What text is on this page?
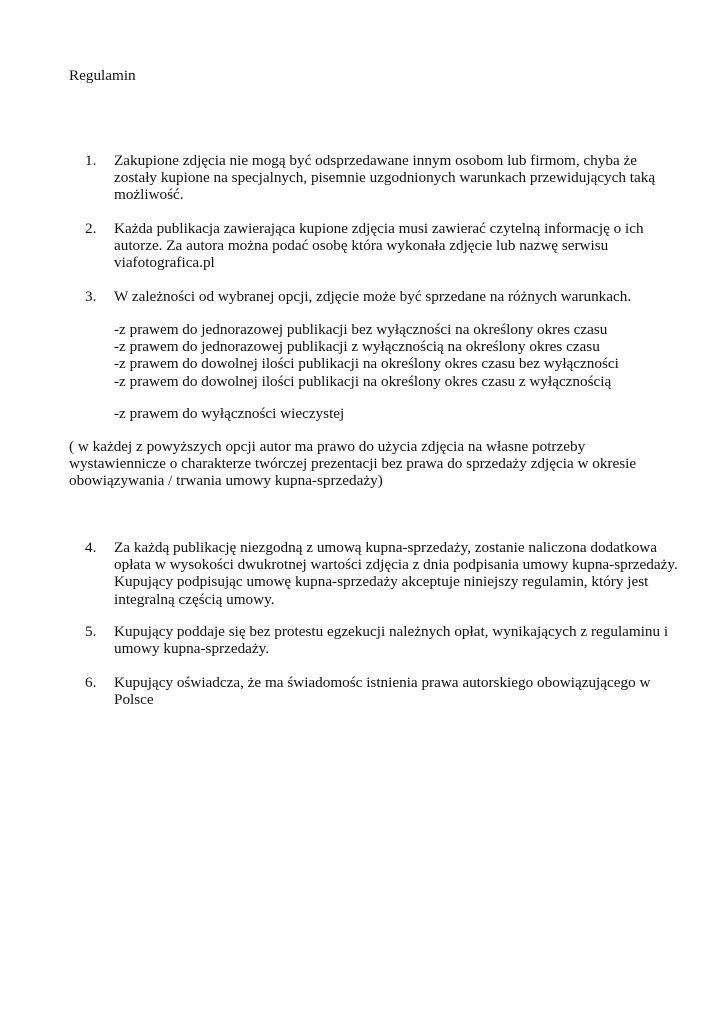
Regulamin
1.	Zakupione zdjęcia nie mogą być odsprzedawane innym osobom lub firmom, chyba że
zostały kupione na specjalnych, pisemnie uzgodnionych warunkach przewidujących taką
możliwość.
2.	Każda publikacja zawierająca kupione zdjęcia musi zawierać czytelną informację o ich
autorze. Za autora można podać osobę która wykonała zdjęcie lub nazwę serwisu
viafotografica.pl
3.	W zależności od wybranej opcji, zdjęcie może być sprzedane na różnych warunkach.
-z prawem do jednorazowej publikacji bez wyłączności na określony okres czasu
-z prawem do jednorazowej publikacji z wyłącznością na określony okres czasu
-z prawem do dowolnej ilości publikacji na określony okres czasu bez wyłączności
-z prawem do dowolnej ilości publikacji na określony okres czasu z wyłącznością
-z prawem do wyłączności wieczystej
( w każdej z powyższych opcji autor ma prawo do użycia zdjęcia na własne potrzeby
wystawiennicze o charakterze twórczej prezentacji bez prawa do sprzedaży zdjęcia w okresie
obowiązywania / trwania umowy kupna-sprzedaży)
4.	Za każdą publikację niezgodną z umową kupna-sprzedaży, zostanie naliczona dodatkowa
opłata w wysokości dwukrotnej wartości zdjęcia z dnia podpisania umowy kupna-sprzedaży.
Kupujący podpisując umowę kupna-sprzedaży akceptuje niniejszy regulamin, który jest
integralną częścią umowy.
5.	Kupujący poddaje się bez protestu egzekucji należnych opłat, wynikających z regulaminu i
umowy kupna-sprzedaży.
6.	Kupujący oświadcza, że ma świadomośc istnienia prawa autorskiego obowiązującego w
Polsce
